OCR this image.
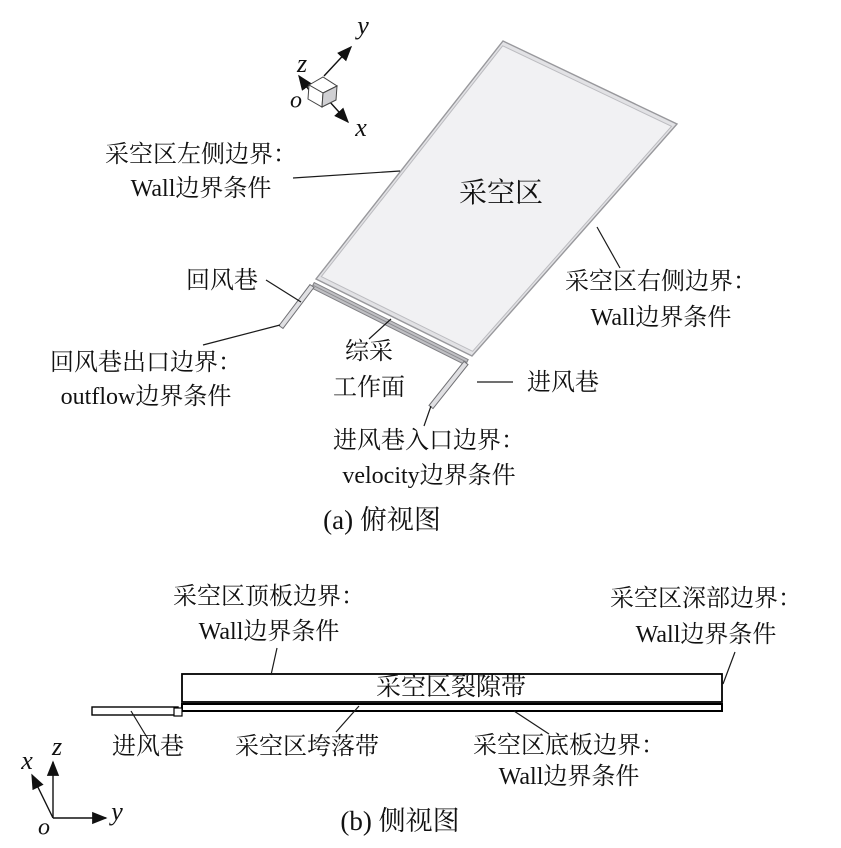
y
z
x
o
采空区左侧边界：
Wall边界条件	采空区
采空区右侧边界：
Wall边界条件
回风巷
回风巷出口边界：
outflow边界条件
综采
工作面	进风巷
进风巷入口边界：
velocity边界条件
(a) 俯视图
采空区顶板边界：
Wall边界条件
采空区深部边界：
Wall边界条件
采空区裂隙带
进风巷 采空区垮落带	采空区底板边界：
Wall边界条件
z
x
y
o	(b) 侧视图
